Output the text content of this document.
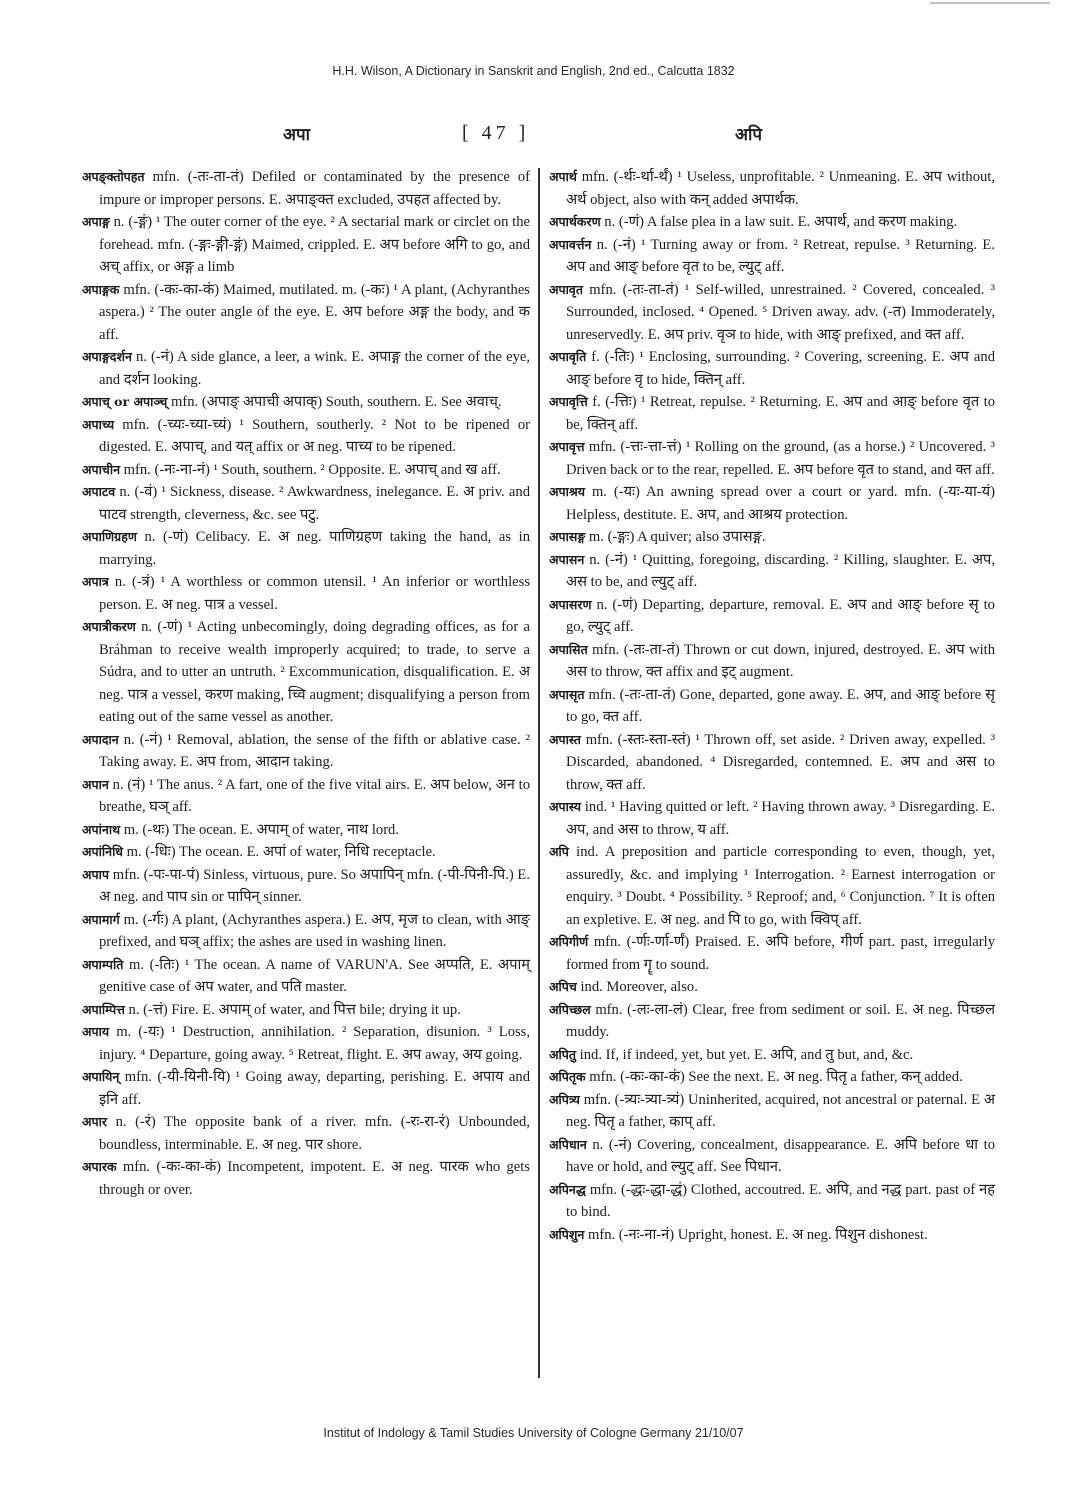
H.H. Wilson, A Dictionary in Sanskrit and English, 2nd ed., Calcutta 1832
अपा	[ 47 ]	अपि

अपङ्क्तोपहत mfn. (-तः-ता-तं) Defiled or contaminated by the presence of impure or improper persons. E. अपाङ्क्त excluded, उपहत affected by.

अपाङ्ग n. (-ङ्गं) ¹ The outer corner of the eye. ² A sectarial mark or circlet on the forehead. mfn. (-ङ्गः-ङ्गी-ङ्गं) Maimed, crippled. E. अप before अगि to go, and अच् affix, or अङ्ग a limb

अपाङ्गक mfn. (-कः-का-कं) Maimed, mutilated. m. (-कः) ¹ A plant, (Achyranthes aspera.) ² The outer angle of the eye. E. अप before अङ्ग the body, and क aff.

अपाङ्गदर्शन n. (-नं) A side glance, a leer, a wink. E. अपाङ्ग the corner of the eye, and दर्शन looking.

अपाच् or अपाञ्च् mfn. (अपाङ् अपाची अपाक्) South, southern. E. See अवाच्.

अपाच्य mfn. (-च्यः-च्या-च्यं) ¹ Southern, southerly. ² Not to be ripened or digested. E. अपाच्, and यत् affix or अ neg. पाच्य to be ripened.

अपाचीन mfn. (-नः-ना-नं) ¹ South, southern. ² Opposite. E. अपाच् and ख aff.

अपाटव n. (-वं) ¹ Sickness, disease. ² Awkwardness, inelegance. E. अ priv. and पाटव strength, cleverness, &c. see पटु.

अपाणिग्रहण n. (-णं) Celibacy. E. अ neg. पाणिग्रहण taking the hand, as in marrying.

अपात्र n. (-त्रं) ¹ A worthless or common utensil. ¹ An inferior or worthless person. E. अ neg. पात्र a vessel.

अपात्रीकरण n. (-णं) ¹ Acting unbecomingly, doing degrading offices, as for a Bráhman to receive wealth improperly acquired; to trade, to serve a Súdra, and to utter an untruth. ² Excommunication, disqualification. E. अ neg. पात्र a vessel, करण making, च्वि augment; disqualifying a person from eating out of the same vessel as another.

अपादान n. (-नं) ¹ Removal, ablation, the sense of the fifth or ablative case. ² Taking away. E. अप from, आदान taking.

अपान n. (नं) ¹ The anus. ² A fart, one of the five vital airs. E. अप below, अन to breathe, घञ् aff.

अपांनाथ m. (-थः) The ocean. E. अपाम् of water, नाथ lord.

अपांनिधि m. (-धिः) The ocean. E. अपां of water, निधि receptacle.

अपाप mfn. (-पः-पा-पं) Sinless, virtuous, pure. So अपापिन् mfn. (-पी-पिनी-पि.) E. अ neg. and पाप sin or पापिन् sinner.

अपामार्ग m. (-र्गः) A plant, (Achyranthes aspera.) E. अप, मृज to clean, with आङ् prefixed, and घञ् affix; the ashes are used in washing linen.

अपाम्पति m. (-तिः) ¹ The ocean. A name of VARUN'A. See अप्पति, E. अपाम् genitive case of अप water, and पति master.

अपाम्पित्त n. (-त्तं) Fire. E. अपाम् of water, and पित्त bile; drying it up.

अपाय m. (-यः) ¹ Destruction, annihilation. ² Separation, disunion. ³ Loss, injury. ⁴ Departure, going away. ⁵ Retreat, flight. E. अप away, अय going.

अपायिन् mfn. (-यी-यिनी-यि) ¹ Going away, departing, perishing. E. अपाय and इनि aff.

अपार n. (-रं) The opposite bank of a river. mfn. (-रः-रा-रं) Unbounded, boundless, interminable. E. अ neg. पार shore.

अपारक mfn. (-कः-का-कं) Incompetent, impotent. E. अ neg. पारक who gets through or over.

अपार्थ mfn. (-र्थः-र्था-र्थं) ¹ Useless, unprofitable. ² Unmeaning. E. अप without, अर्थ object, also with कन् added अपार्थक.

अपार्थकरण n. (-णं) A false plea in a law suit. E. अपार्थ, and करण making.

अपावर्त्तन n. (-नं) ¹ Turning away or from. ² Retreat, repulse. ³ Returning. E. अप and आङ् before वृत to be, ल्युट् aff.

अपावृत mfn. (-तः-ता-तं) ¹ Self-willed, unrestrained. ² Covered, concealed. ³ Surrounded, inclosed. ⁴ Opened. ⁵ Driven away. adv. (-त) Immoderately, unreservedly. E. अप priv. वृञ to hide, with आङ् prefixed, and क्त aff.

अपावृति f. (-तिः) ¹ Enclosing, surrounding. ² Covering, screening. E. अप and आङ् before वृ to hide, क्तिन् aff.

अपावृत्ति f. (-त्तिः) ¹ Retreat, repulse. ² Returning. E. अप and आङ् before वृत to be, क्तिन् aff.

अपावृत्त mfn. (-त्तः-त्ता-त्तं) ¹ Rolling on the ground, (as a horse.) ² Uncovered. ³ Driven back or to the rear, repelled. E. अप before वृत to stand, and क्त aff.

अपाश्रय m. (-यः) An awning spread over a court or yard. mfn. (-यः-या-यं) Helpless, destitute. E. अप, and आश्रय protection.

अपासङ्ग m. (-ङ्गः) A quiver; also उपासङ्ग.

अपासन n. (-नं) ¹ Quitting, foregoing, discarding. ² Killing, slaughter. E. अप, अस to be, and ल्युट् aff.

अपासरण n. (-णं) Departing, departure, removal. E. अप and आङ् before सृ to go, ल्युट् aff.

अपासित mfn. (-तः-ता-तं) Thrown or cut down, injured, destroyed. E. अप with अस to throw, क्त affix and इट् augment.

अपासृत mfn. (-तः-ता-तं) Gone, departed, gone away. E. अप, and आङ् before सृ to go, क्त aff.

अपास्त mfn. (-स्तः-स्ता-स्तं) ¹ Thrown off, set aside. ² Driven away, expelled. ³ Discarded, abandoned. ⁴ Disregarded, contemned. E. अप and अस to throw, क्त aff.

अपास्य ind. ¹ Having quitted or left. ² Having thrown away. ³ Disregarding. E. अप, and अस to throw, य aff.

अपि ind. A preposition and particle corresponding to even, though, yet, assuredly, &c. and implying ¹ Interrogation. ² Earnest interrogation or enquiry. ³ Doubt. ⁴ Possibility. ⁵ Reproof; and, ⁶ Conjunction. ⁷ It is often an expletive. E. अ neg. and पि to go, with क्विप् aff.

अपिगीर्ण mfn. (-र्णः-र्णा-र्णं) Praised. E. अपि before, गीर्ण part. past, irregularly formed from गॄ to sound.

अपिच ind. Moreover, also.

अपिच्छल mfn. (-लः-ला-लं) Clear, free from sediment or soil. E. अ neg. पिच्छल muddy.

अपितु ind. If, if indeed, yet, but yet. E. अपि, and तु but, and, &c.

अपितृक mfn. (-कः-का-कं) See the next. E. अ neg. पितृ a father, कन् added.

अपित्र्य mfn. (-त्र्यः-त्र्या-त्र्यं) Uninherited, acquired, not ancestral or paternal. E अ neg. पितृ a father, काप् aff.

अपिधान n. (-नं) Covering, concealment, disappearance. E. अपि before धा to have or hold, and ल्युट् aff. See पिधान.

अपिनद्ध mfn. (-द्धः-द्धा-द्धं) Clothed, accoutred. E. अपि, and नद्ध part. past of नह to bind.

अपिशुन mfn. (-नः-ना-नं) Upright, honest. E. अ neg. पिशुन dishonest.

Institut of Indology & Tamil Studies University of Cologne Germany 21/10/07
